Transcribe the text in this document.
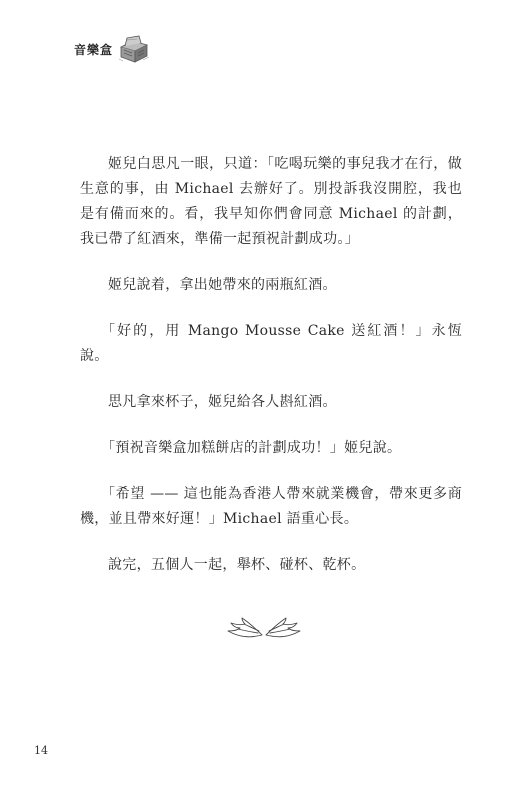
音樂盒

姬兒白思凡一眼，只道：「吃喝玩樂的事兒我才在行，做生意的事，由 Michael 去辦好了。別投訴我沒開腔，我也是有備而來的。看，我早知你們會同意 Michael 的計劃，我已帶了紅酒來，準備一起預祝計劃成功。」

姬兒說着，拿出她帶來的兩瓶紅酒。

「好的，用 Mango Mousse Cake 送紅酒！」永恆說。

思凡拿來杯子，姬兒給各人斟紅酒。

「預祝音樂盒加糕餅店的計劃成功！」姬兒說。

「希望 —— 這也能為香港人帶來就業機會，帶來更多商機，並且帶來好運！」Michael 語重心長。

說完，五個人一起，舉杯、碰杯、乾杯。

14
